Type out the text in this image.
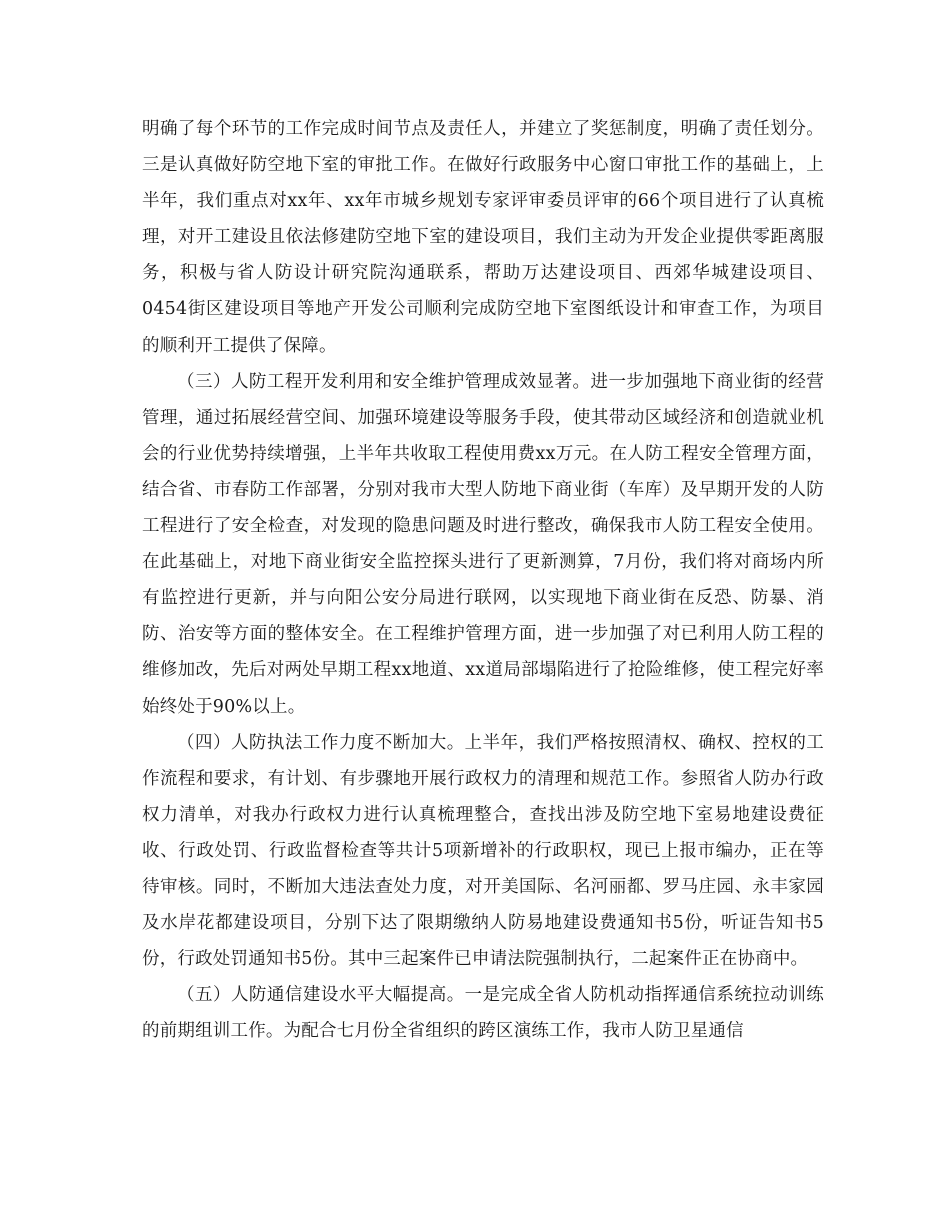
明确了每个环节的工作完成时间节点及责任人，并建立了奖惩制度，明确了责任划分。三是认真做好防空地下室的审批工作。在做好行政服务中心窗口审批工作的基础上，上半年，我们重点对xx年、xx年市城乡规划专家评审委员评审的66个项目进行了认真梳理，对开工建设且依法修建防空地下室的建设项目，我们主动为开发企业提供零距离服务，积极与省人防设计研究院沟通联系，帮助万达建设项目、西郊华城建设项目、0454街区建设项目等地产开发公司顺利完成防空地下室图纸设计和审查工作，为项目的顺利开工提供了保障。

（三）人防工程开发利用和安全维护管理成效显著。进一步加强地下商业街的经营管理，通过拓展经营空间、加强环境建设等服务手段，使其带动区域经济和创造就业机会的行业优势持续增强，上半年共收取工程使用费xx万元。在人防工程安全管理方面，结合省、市春防工作部署，分别对我市大型人防地下商业街（车库）及早期开发的人防工程进行了安全检查，对发现的隐患问题及时进行整改，确保我市人防工程安全使用。在此基础上，对地下商业街安全监控探头进行了更新测算，7月份，我们将对商场内所有监控进行更新，并与向阳公安分局进行联网，以实现地下商业街在反恐、防暴、消防、治安等方面的整体安全。在工程维护管理方面，进一步加强了对已利用人防工程的维修加改，先后对两处早期工程xx地道、xx道局部塌陷进行了抢险维修，使工程完好率始终处于90%以上。

（四）人防执法工作力度不断加大。上半年，我们严格按照清权、确权、控权的工作流程和要求，有计划、有步骤地开展行政权力的清理和规范工作。参照省人防办行政权力清单，对我办行政权力进行认真梳理整合，查找出涉及防空地下室易地建设费征收、行政处罚、行政监督检查等共计5项新增补的行政职权，现已上报市编办，正在等待审核。同时，不断加大违法查处力度，对开美国际、名河丽都、罗马庄园、永丰家园及水岸花都建设项目，分别下达了限期缴纳人防易地建设费通知书5份，听证告知书5份，行政处罚通知书5份。其中三起案件已申请法院强制执行，二起案件正在协商中。

（五）人防通信建设水平大幅提高。一是完成全省人防机动指挥通信系统拉动训练的前期组训工作。为配合七月份全省组织的跨区演练工作，我市人防卫星通信
